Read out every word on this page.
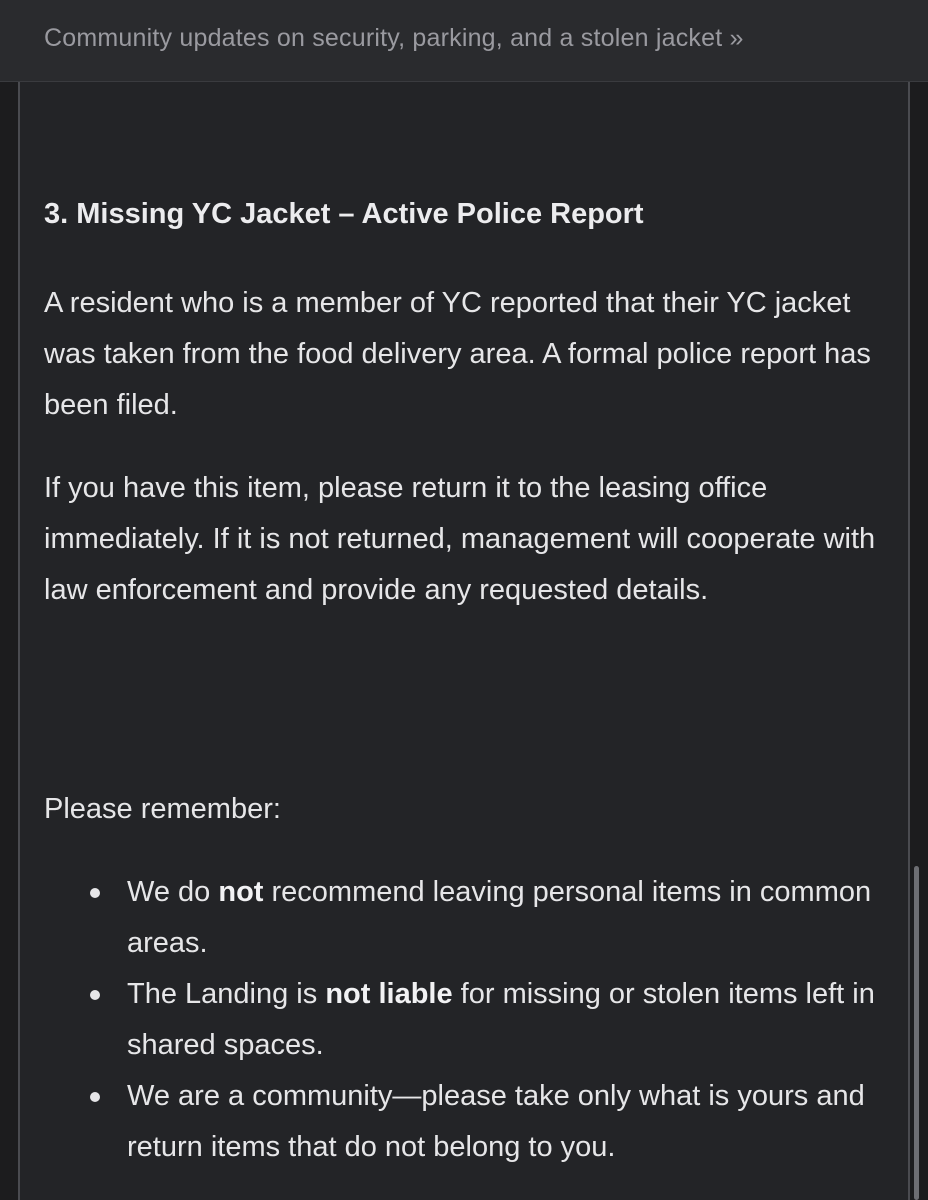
Community updates on security, parking, and a stolen jacket »
3. Missing YC Jacket – Active Police Report
A resident who is a member of YC reported that their YC jacket was taken from the food delivery area. A formal police report has been filed.
If you have this item, please return it to the leasing office immediately. If it is not returned, management will cooperate with law enforcement and provide any requested details.
Please remember:
We do not recommend leaving personal items in common areas.
The Landing is not liable for missing or stolen items left in shared spaces.
We are a community—please take only what is yours and return items that do not belong to you.
